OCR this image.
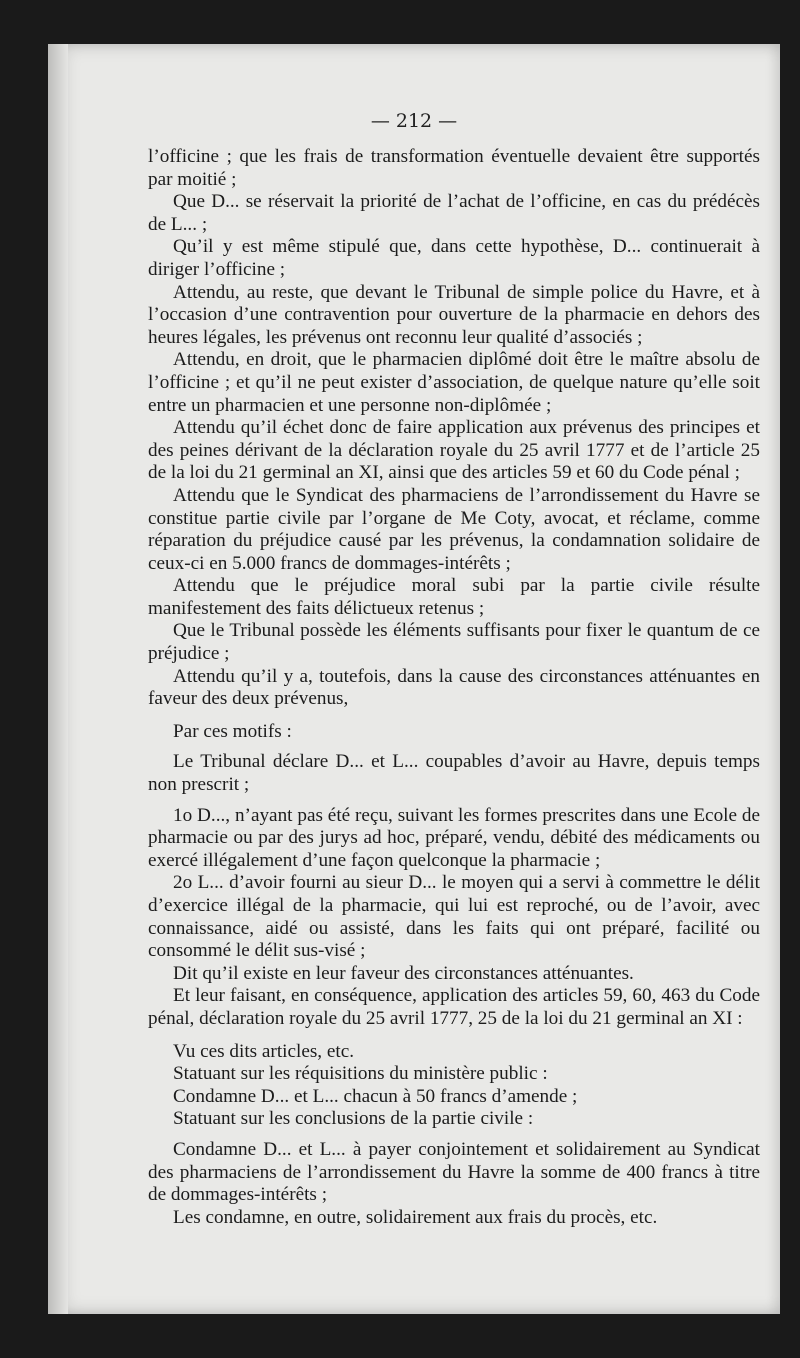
— 212 —

l’officine ; que les frais de transformation éventuelle devaient être supportés par moitié ;

Que D... se réservait la priorité de l’achat de l’officine, en cas du prédécès de L... ;

Qu’il y est même stipulé que, dans cette hypothèse, D... continuerait à diriger l’officine ;

Attendu, au reste, que devant le Tribunal de simple police du Havre, et à l’occasion d’une contravention pour ouverture de la pharmacie en dehors des heures légales, les prévenus ont reconnu leur qualité d’associés ;

Attendu, en droit, que le pharmacien diplômé doit être le maître absolu de l’officine ; et qu’il ne peut exister d’association, de quelque nature qu’elle soit entre un pharmacien et une personne non-diplômée ;

Attendu qu’il échet donc de faire application aux prévenus des principes et des peines dérivant de la déclaration royale du 25 avril 1777 et de l’article 25 de la loi du 21 germinal an XI, ainsi que des articles 59 et 60 du Code pénal ;

Attendu que le Syndicat des pharmaciens de l’arrondissement du Havre se constitue partie civile par l’organe de Me Coty, avocat, et réclame, comme réparation du préjudice causé par les prévenus, la condamnation solidaire de ceux-ci en 5.000 francs de dommages-intérêts ;

Attendu que le préjudice moral subi par la partie civile résulte manifestement des faits délictueux retenus ;

Que le Tribunal possède les éléments suffisants pour fixer le quantum de ce préjudice ;

Attendu qu’il y a, toutefois, dans la cause des circonstances atténuantes en faveur des deux prévenus,

Par ces motifs :

Le Tribunal déclare D... et L... coupables d’avoir au Havre, depuis temps non prescrit ;

1o D..., n’ayant pas été reçu, suivant les formes prescrites dans une Ecole de pharmacie ou par des jurys ad hoc, préparé, vendu, débité des médicaments ou exercé illégalement d’une façon quelconque la pharmacie ;

2o L... d’avoir fourni au sieur D... le moyen qui a servi à commettre le délit d’exercice illégal de la pharmacie, qui lui est reproché, ou de l’avoir, avec connaissance, aidé ou assisté, dans les faits qui ont préparé, facilité ou consommé le délit sus-visé ;

Dit qu’il existe en leur faveur des circonstances atténuantes.

Et leur faisant, en conséquence, application des articles 59, 60, 463 du Code pénal, déclaration royale du 25 avril 1777, 25 de la loi du 21 germinal an XI :

Vu ces dits articles, etc.

Statuant sur les réquisitions du ministère public :

Condamne D... et L... chacun à 50 francs d’amende ;

Statuant sur les conclusions de la partie civile :

Condamne D... et L... à payer conjointement et solidairement au Syndicat des pharmaciens de l’arrondissement du Havre la somme de 400 francs à titre de dommages-intérêts ;

Les condamne, en outre, solidairement aux frais du procès, etc.
